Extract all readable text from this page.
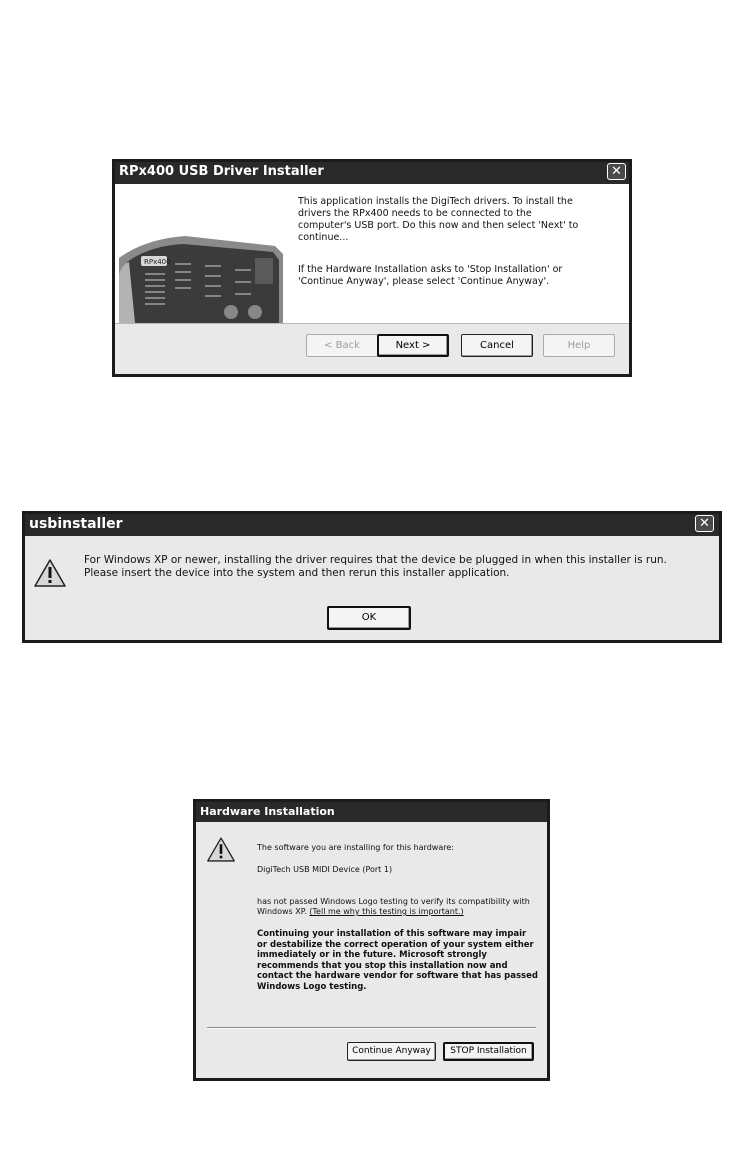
RPx400 USB Driver Installer	✕
RPx400
This application installs the DigiTech drivers. To install the drivers the RPx400 needs to be connected to the computer's USB port. Do this now and then select 'Next' to continue...
If the Hardware Installation asks to 'Stop Installation' or 'Continue Anyway', please select 'Continue Anyway'.
< Back	Next >	Cancel	Help
usbinstaller	✕
For Windows XP or newer, installing the driver requires that the device be plugged in when this installer is run. Please insert the device into the system and then rerun this installer application.
OK
Hardware Installation
The software you are installing for this hardware:
DigiTech USB MIDI Device (Port 1)
has not passed Windows Logo testing to verify its compatibility with Windows XP. (Tell me why this testing is important.)
Continuing your installation of this software may impair or destabilize the correct operation of your system either immediately or in the future. Microsoft strongly recommends that you stop this installation now and contact the hardware vendor for software that has passed Windows Logo testing.
Continue Anyway	STOP Installation
